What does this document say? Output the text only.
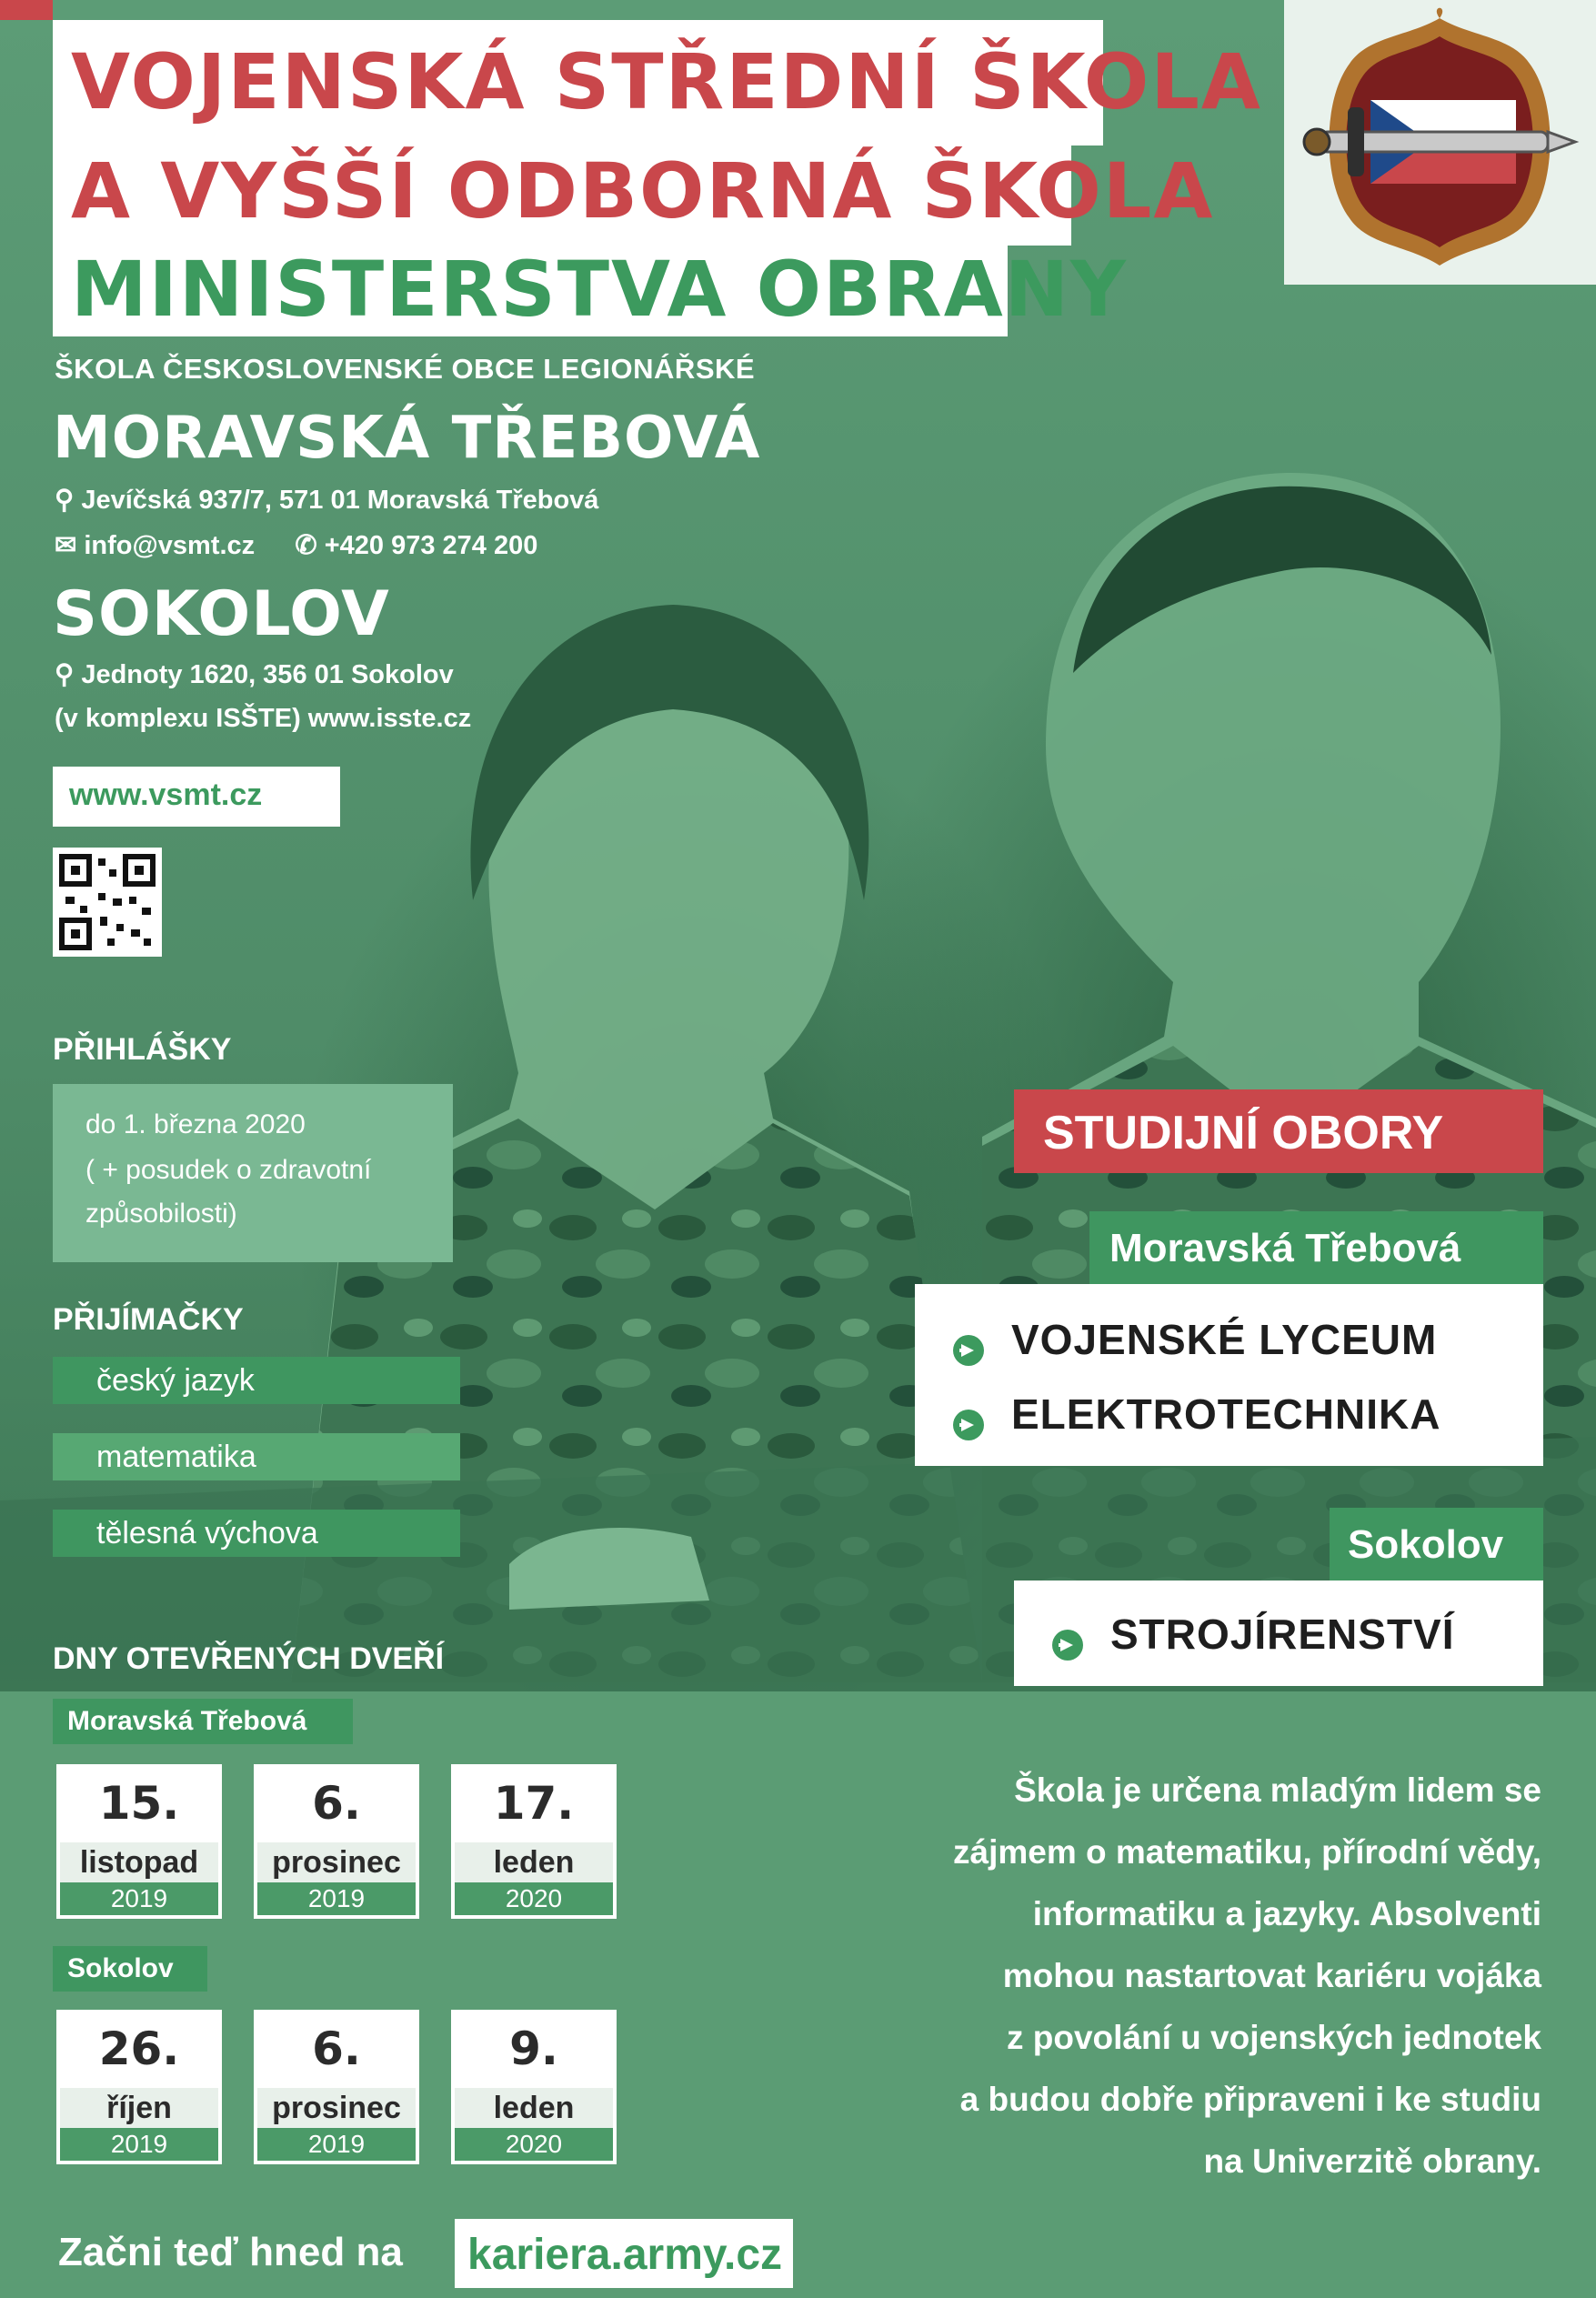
VOJENSKÁ STŘEDNÍ ŠKOLA
A VYŠŠÍ ODBORNÁ ŠKOLA
MINISTERSTVA OBRANY
ŠKOLA ČESKOSLOVENSKÉ OBCE LEGIONÁŘSKÉ
MORAVSKÁ TŘEBOVÁ
⚲ Jevíčská 937/7, 571 01 Moravská Třebová
✉ info@vsmt.cz ✆ +420 973 274 200
SOKOLOV
⚲ Jednoty 1620, 356 01 Sokolov
(v komplexu ISŠTE) www.isste.cz
www.vsmt.cz
PŘIHLÁŠKY
do 1. března 2020
( + posudek o zdravotní
způsobilosti)
PŘIJÍMAČKY
český jazyk
matematika
tělesná výchova
DNY OTEVŘENÝCH DVEŘÍ
Moravská Třebová
15.
listopad
2019
6.
prosinec
2019
17.
leden
2020
Sokolov
26.
říjen
2019
6.
prosinec
2019
9.
leden
2020
STUDIJNÍ OBORY
Moravská Třebová
VOJENSKÉ LYCEUM
ELEKTROTECHNIKA
Sokolov
STROJÍRENSTVÍ
Škola je určena mladým lidem se
zájmem o matematiku, přírodní vědy,
informatiku a jazyky. Absolventi
mohou nastartovat kariéru vojáka
z povolání u vojenských jednotek
a budou dobře připraveni i ke studiu
na Univerzitě obrany.
Začni teď hned na kariera.army.cz
